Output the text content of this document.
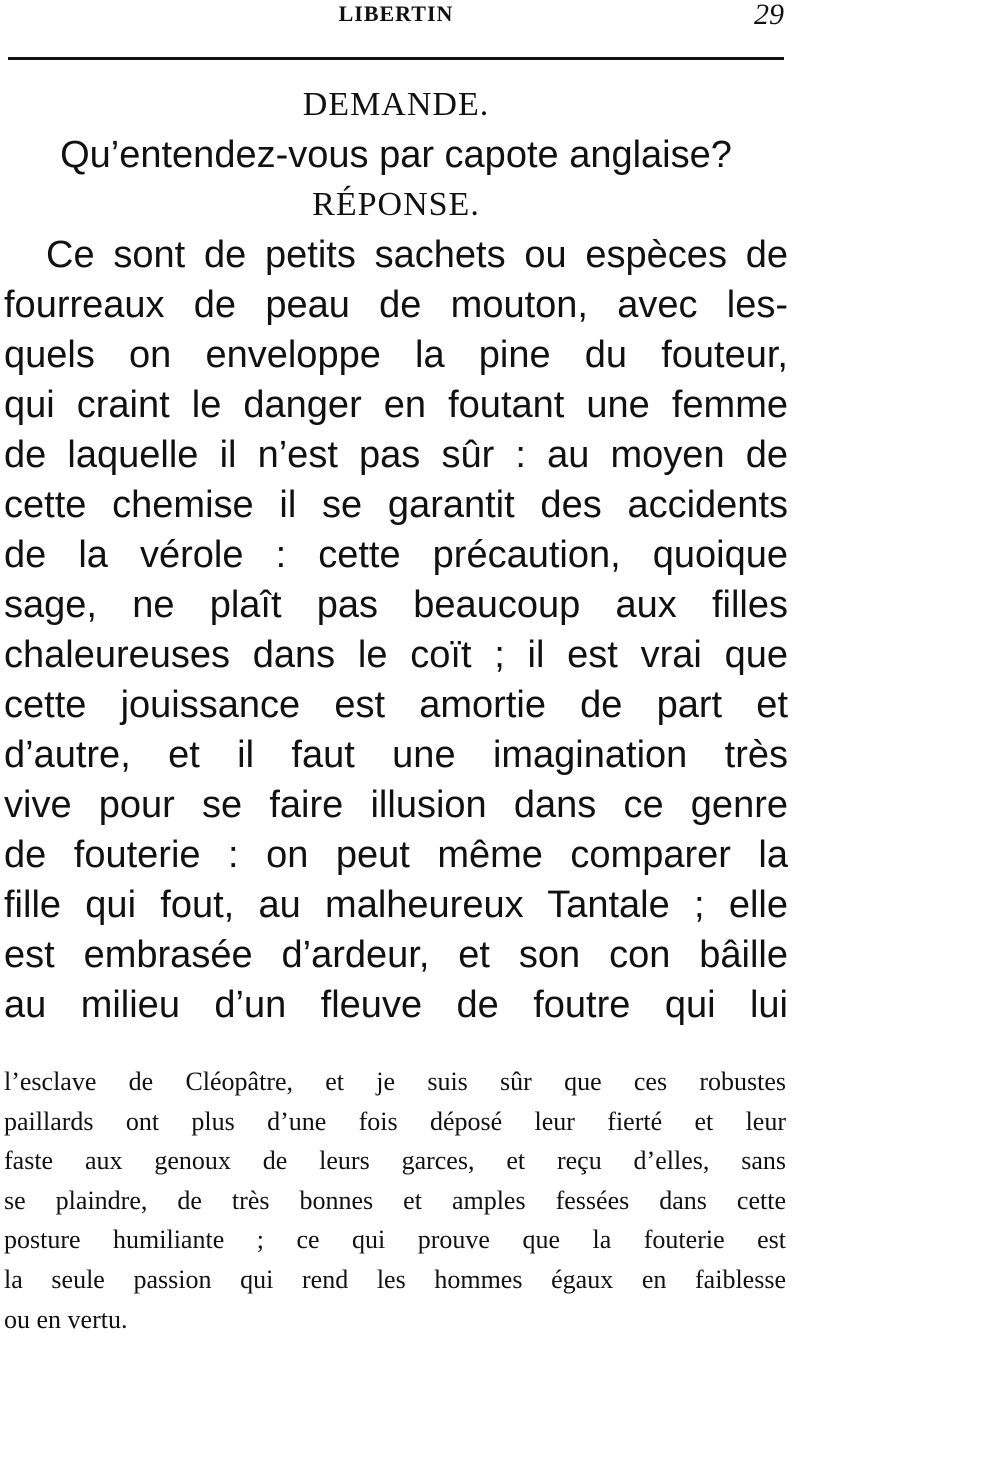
LIBERTIN	29
DEMANDE.
Qu’entendez-vous par capote anglaise?
RÉPONSE.
Ce sont de petits sachets ou espèces de
fourreaux de peau de mouton, avec les-
quels on enveloppe la pine du fouteur,
qui craint le danger en foutant une femme
de laquelle il n’est pas sûr : au moyen de
cette chemise il se garantit des accidents
de la vérole : cette précaution, quoique
sage, ne plaît pas beaucoup aux filles
chaleureuses dans le coït ; il est vrai que
cette jouissance est amortie de part et
d’autre, et il faut une imagination très
vive pour se faire illusion dans ce genre
de fouterie : on peut même comparer la
fille qui fout, au malheureux Tantale ; elle
est embrasée d’ardeur, et son con bâille
au milieu d’un fleuve de foutre qui lui
l’esclave de Cléopâtre, et je suis sûr que ces robustes
paillards ont plus d’une fois déposé leur fierté et leur
faste aux genoux de leurs garces, et reçu d’elles, sans
se plaindre, de très bonnes et amples fessées dans cette
posture humiliante ; ce qui prouve que la fouterie est
la seule passion qui rend les hommes égaux en faiblesse
ou en vertu.
